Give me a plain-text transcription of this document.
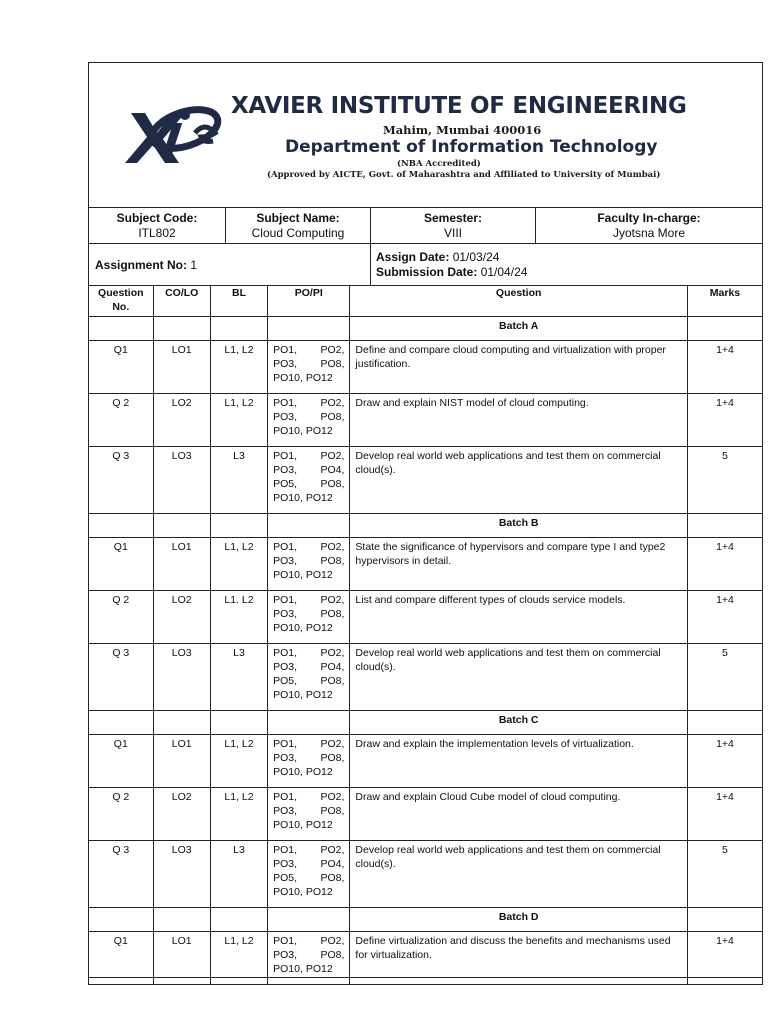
XAVIER INSTITUTE OF ENGINEERING
Mahim, Mumbai 400016
Department of Information Technology
(NBA Accredited)
(Approved by AICTE, Govt. of Maharashtra and Affiliated to University of Mumbai)
Subject Code:
ITL802
Subject Name:
Cloud Computing
Semester:
VIII
Faculty In-charge:
Jyotsna More
Assignment No: 1
Assign Date: 01/03/24
Submission Date: 01/04/24
Question
No.	CO/LO	BL	PO/PI	Question	Marks
				Batch A	
Q1	LO1	L1, L2	PO1, PO2,
PO3, PO8,
PO10, PO12	Define and compare cloud computing and virtualization with proper justification.	1+4
Q 2	LO2	L1, L2	PO1, PO2,
PO3, PO8,
PO10, PO12	Draw and explain NIST model of cloud computing.	1+4
Q 3	LO3	L3	PO1, PO2,
PO3, PO4,
PO5, PO8,
PO10, PO12	Develop real world web applications and test them on commercial cloud(s).	5
				Batch B	
Q1	LO1	L1, L2	PO1, PO2,
PO3, PO8,
PO10, PO12	State the significance of hypervisors and compare type I and type2 hypervisors in detail.	1+4
Q 2	LO2	L1. L2	PO1, PO2,
PO3, PO8,
PO10, PO12	List and compare different types of clouds service models.	1+4
Q 3	LO3	L3	PO1, PO2,
PO3, PO4,
PO5, PO8,
PO10, PO12	Develop real world web applications and test them on commercial cloud(s).	5
				Batch C	
Q1	LO1	L1, L2	PO1, PO2,
PO3, PO8,
PO10, PO12	Draw and explain the implementation levels of virtualization.	1+4
Q 2	LO2	L1, L2	PO1, PO2,
PO3, PO8,
PO10, PO12	Draw and explain Cloud Cube model of cloud computing.	1+4
Q 3	LO3	L3	PO1, PO2,
PO3, PO4,
PO5, PO8,
PO10, PO12	Develop real world web applications and test them on commercial cloud(s).	5
				Batch D	
Q1	LO1	L1, L2	PO1, PO2,
PO3, PO8,
PO10, PO12	Define virtualization and discuss the benefits and mechanisms used for virtualization.	1+4
